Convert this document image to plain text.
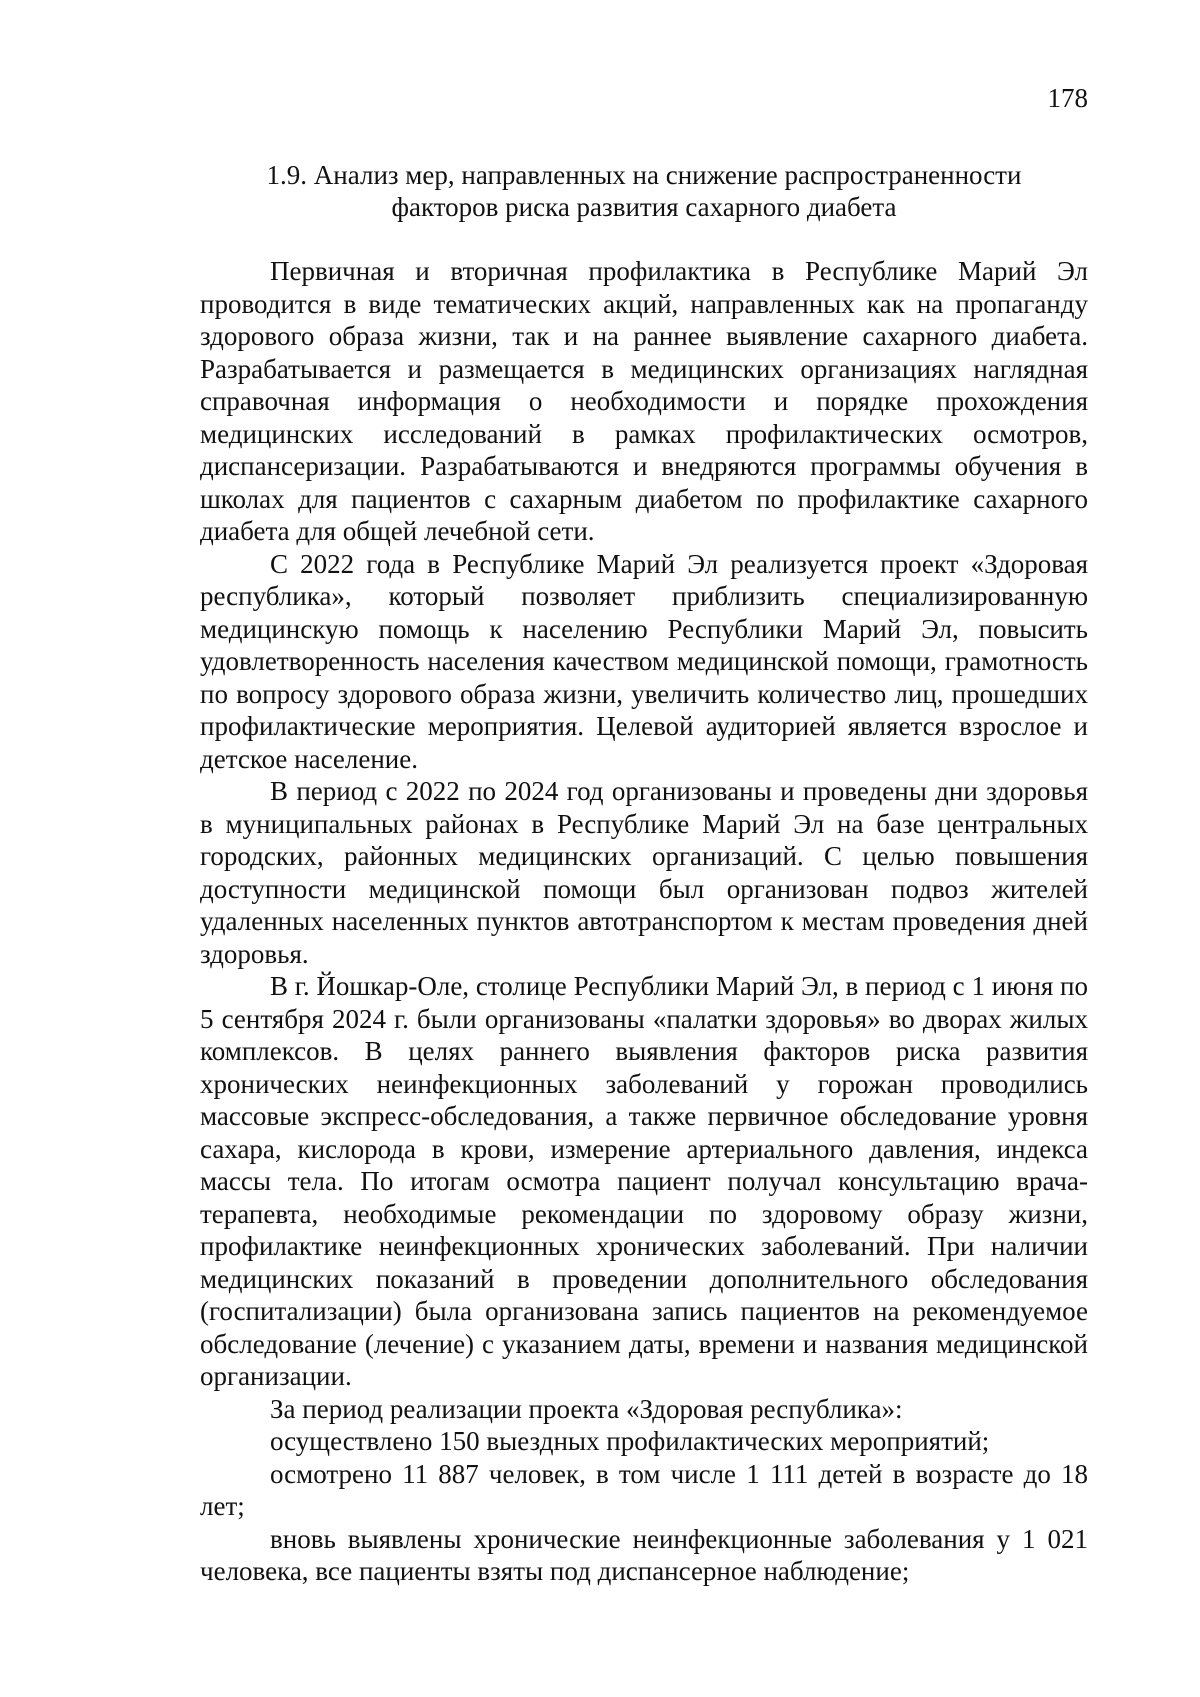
178
1.9. Анализ мер, направленных на снижение распространенности
факторов риска развития сахарного диабета

Первичная и вторичная профилактика в Республике Марий Эл проводится в виде тематических акций, направленных как на пропаганду здорового образа жизни, так и на раннее выявление сахарного диабета. Разрабатывается и размещается в медицинских организациях наглядная справочная информация о необходимости и порядке прохождения медицинских исследований в рамках профилактических осмотров, диспансеризации. Разрабатываются и внедряются программы обучения в школах для пациентов с сахарным диабетом по профилактике сахарного диабета для общей лечебной сети.

С 2022 года в Республике Марий Эл реализуется проект «Здоровая республика», который позволяет приблизить специализированную медицинскую помощь к населению Республики Марий Эл, повысить удовлетворенность населения качеством медицинской помощи, грамотность по вопросу здорового образа жизни, увеличить количество лиц, прошедших профилактические мероприятия. Целевой аудиторией является взрослое и детское население.

В период с 2022 по 2024 год организованы и проведены дни здоровья в муниципальных районах в Республике Марий Эл на базе центральных городских, районных медицинских организаций. С целью повышения доступности медицинской помощи был организован подвоз жителей удаленных населенных пунктов автотранспортом к местам проведения дней здоровья.

В г. Йошкар-Оле, столице Республики Марий Эл, в период с 1 июня по 5 сентября 2024 г. были организованы «палатки здоровья» во дворах жилых комплексов. В целях раннего выявления факторов риска развития хронических неинфекционных заболеваний у горожан проводились массовые экспресс-обследования, а также первичное обследование уровня сахара, кислорода в крови, измерение артериального давления, индекса массы тела. По итогам осмотра пациент получал консультацию врача-терапевта, необходимые рекомендации по здоровому образу жизни, профилактике неинфекционных хронических заболеваний. При наличии медицинских показаний в проведении дополнительного обследования (госпитализации) была организована запись пациентов на рекомендуемое обследование (лечение) с указанием даты, времени и названия медицинской организации.

За период реализации проекта «Здоровая республика»:

осуществлено 150 выездных профилактических мероприятий;

осмотрено 11 887 человек, в том числе 1 111 детей в возрасте до 18 лет;

вновь выявлены хронические неинфекционные заболевания у 1 021 человека, все пациенты взяты под диспансерное наблюдение;
